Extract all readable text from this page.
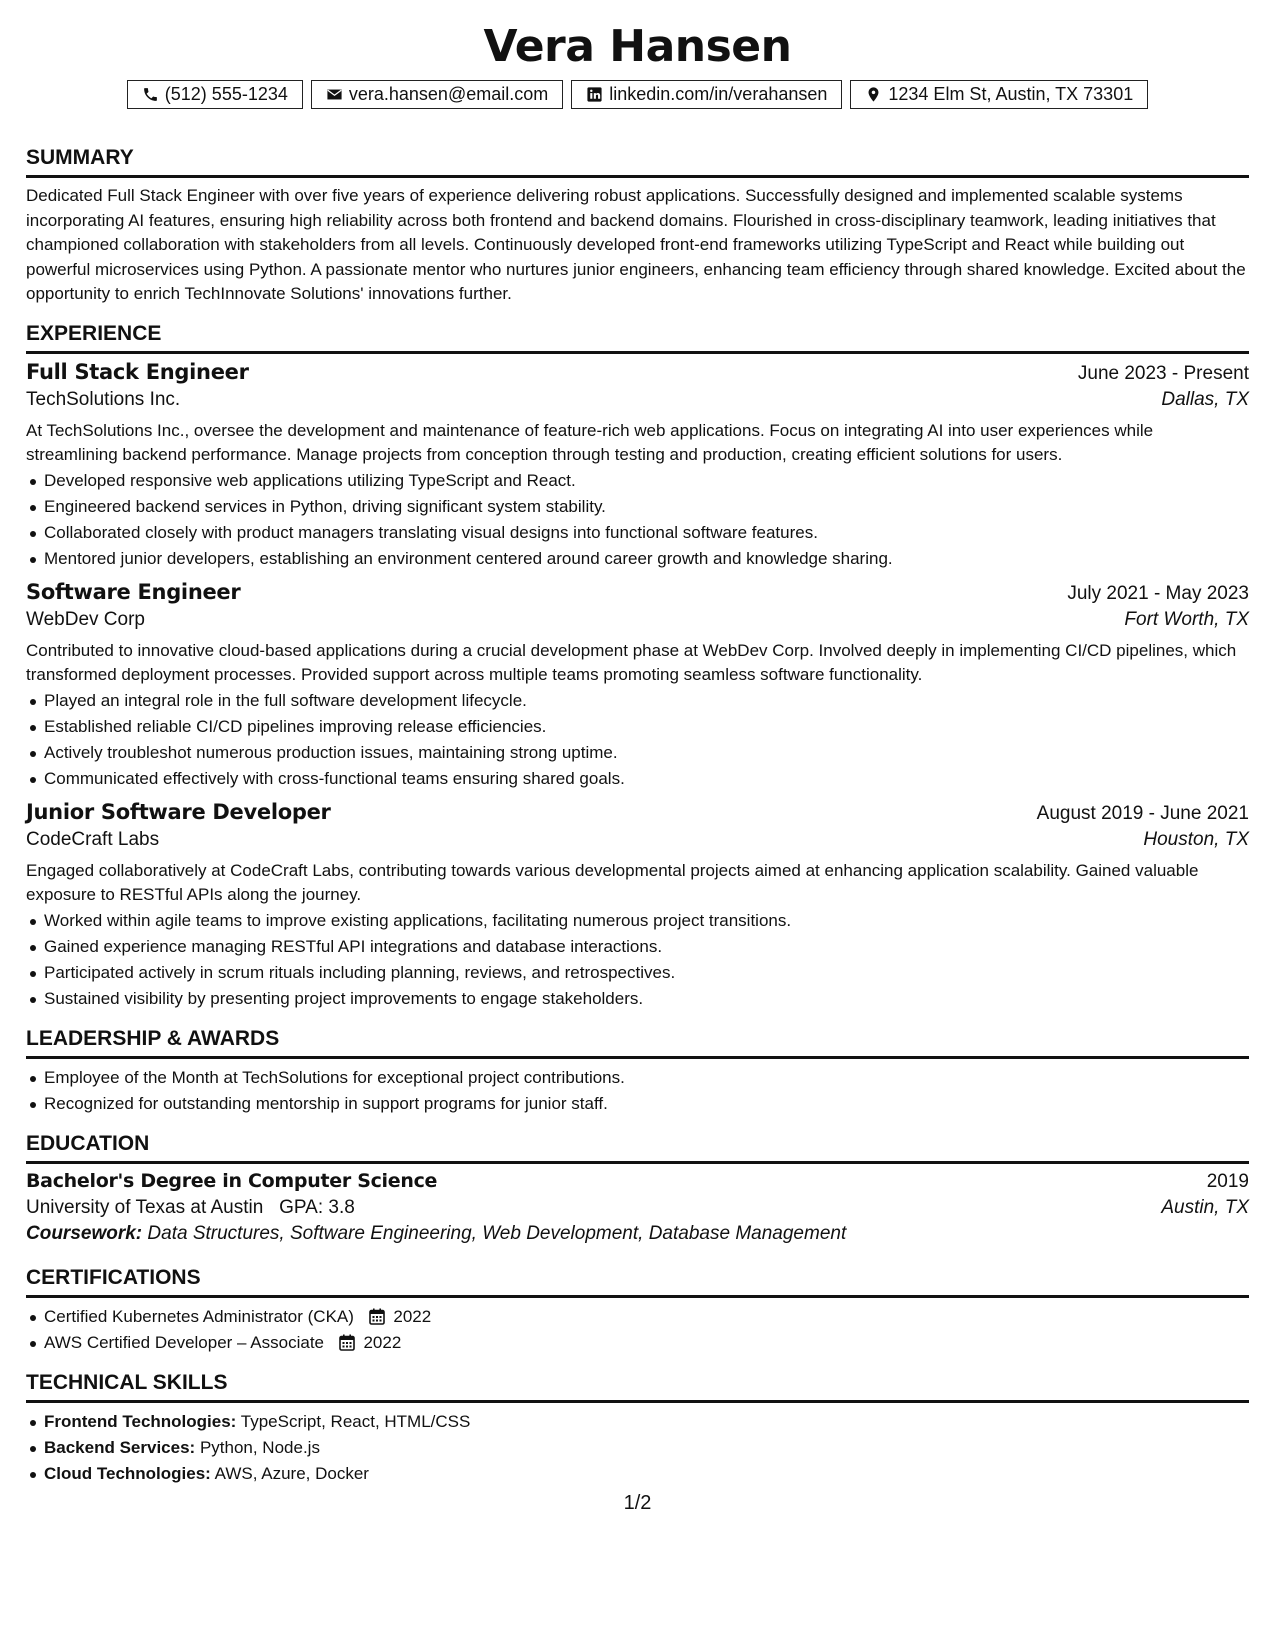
Vera Hansen
(512) 555-1234	vera.hansen@email.com	linkedin.com/in/verahansen	1234 Elm St, Austin, TX 73301
SUMMARY

Dedicated Full Stack Engineer with over five years of experience delivering robust applications. Successfully designed and implemented scalable systems incorporating AI features, ensuring high reliability across both frontend and backend domains. Flourished in cross-disciplinary teamwork, leading initiatives that championed collaboration with stakeholders from all levels. Continuously developed front-end frameworks utilizing TypeScript and React while building out powerful microservices using Python. A passionate mentor who nurtures junior engineers, enhancing team efficiency through shared knowledge. Excited about the opportunity to enrich TechInnovate Solutions' innovations further.

EXPERIENCE
Full Stack Engineer	June 2023 - Present
TechSolutions Inc.	Dallas, TX

At TechSolutions Inc., oversee the development and maintenance of feature-rich web applications. Focus on integrating AI into user experiences while streamlining backend performance. Manage projects from conception through testing and production, creating efficient solutions for users.

Developed responsive web applications utilizing TypeScript and React.
Engineered backend services in Python, driving significant system stability.
Collaborated closely with product managers translating visual designs into functional software features.
Mentored junior developers, establishing an environment centered around career growth and knowledge sharing.
Software Engineer	July 2021 - May 2023
WebDev Corp	Fort Worth, TX

Contributed to innovative cloud-based applications during a crucial development phase at WebDev Corp. Involved deeply in implementing CI/CD pipelines, which transformed deployment processes. Provided support across multiple teams promoting seamless software functionality.

Played an integral role in the full software development lifecycle.
Established reliable CI/CD pipelines improving release efficiencies.
Actively troubleshot numerous production issues, maintaining strong uptime.
Communicated effectively with cross-functional teams ensuring shared goals.
Junior Software Developer	August 2019 - June 2021
CodeCraft Labs	Houston, TX

Engaged collaboratively at CodeCraft Labs, contributing towards various developmental projects aimed at enhancing application scalability. Gained valuable exposure to RESTful APIs along the journey.

Worked within agile teams to improve existing applications, facilitating numerous project transitions.
Gained experience managing RESTful API integrations and database interactions.
Participated actively in scrum rituals including planning, reviews, and retrospectives.
Sustained visibility by presenting project improvements to engage stakeholders.
LEADERSHIP & AWARDS
Employee of the Month at TechSolutions for exceptional project contributions.
Recognized for outstanding mentorship in support programs for junior staff.
EDUCATION
Bachelor's Degree in Computer Science	2019
University of Texas at Austin GPA: 3.8	Austin, TX
Coursework: Data Structures, Software Engineering, Web Development, Database Management
CERTIFICATIONS
Certified Kubernetes Administrator (CKA) 2022
AWS Certified Developer – Associate 2022
TECHNICAL SKILLS
Frontend Technologies: TypeScript, React, HTML/CSS
Backend Services: Python, Node.js
Cloud Technologies: AWS, Azure, Docker
1/2
